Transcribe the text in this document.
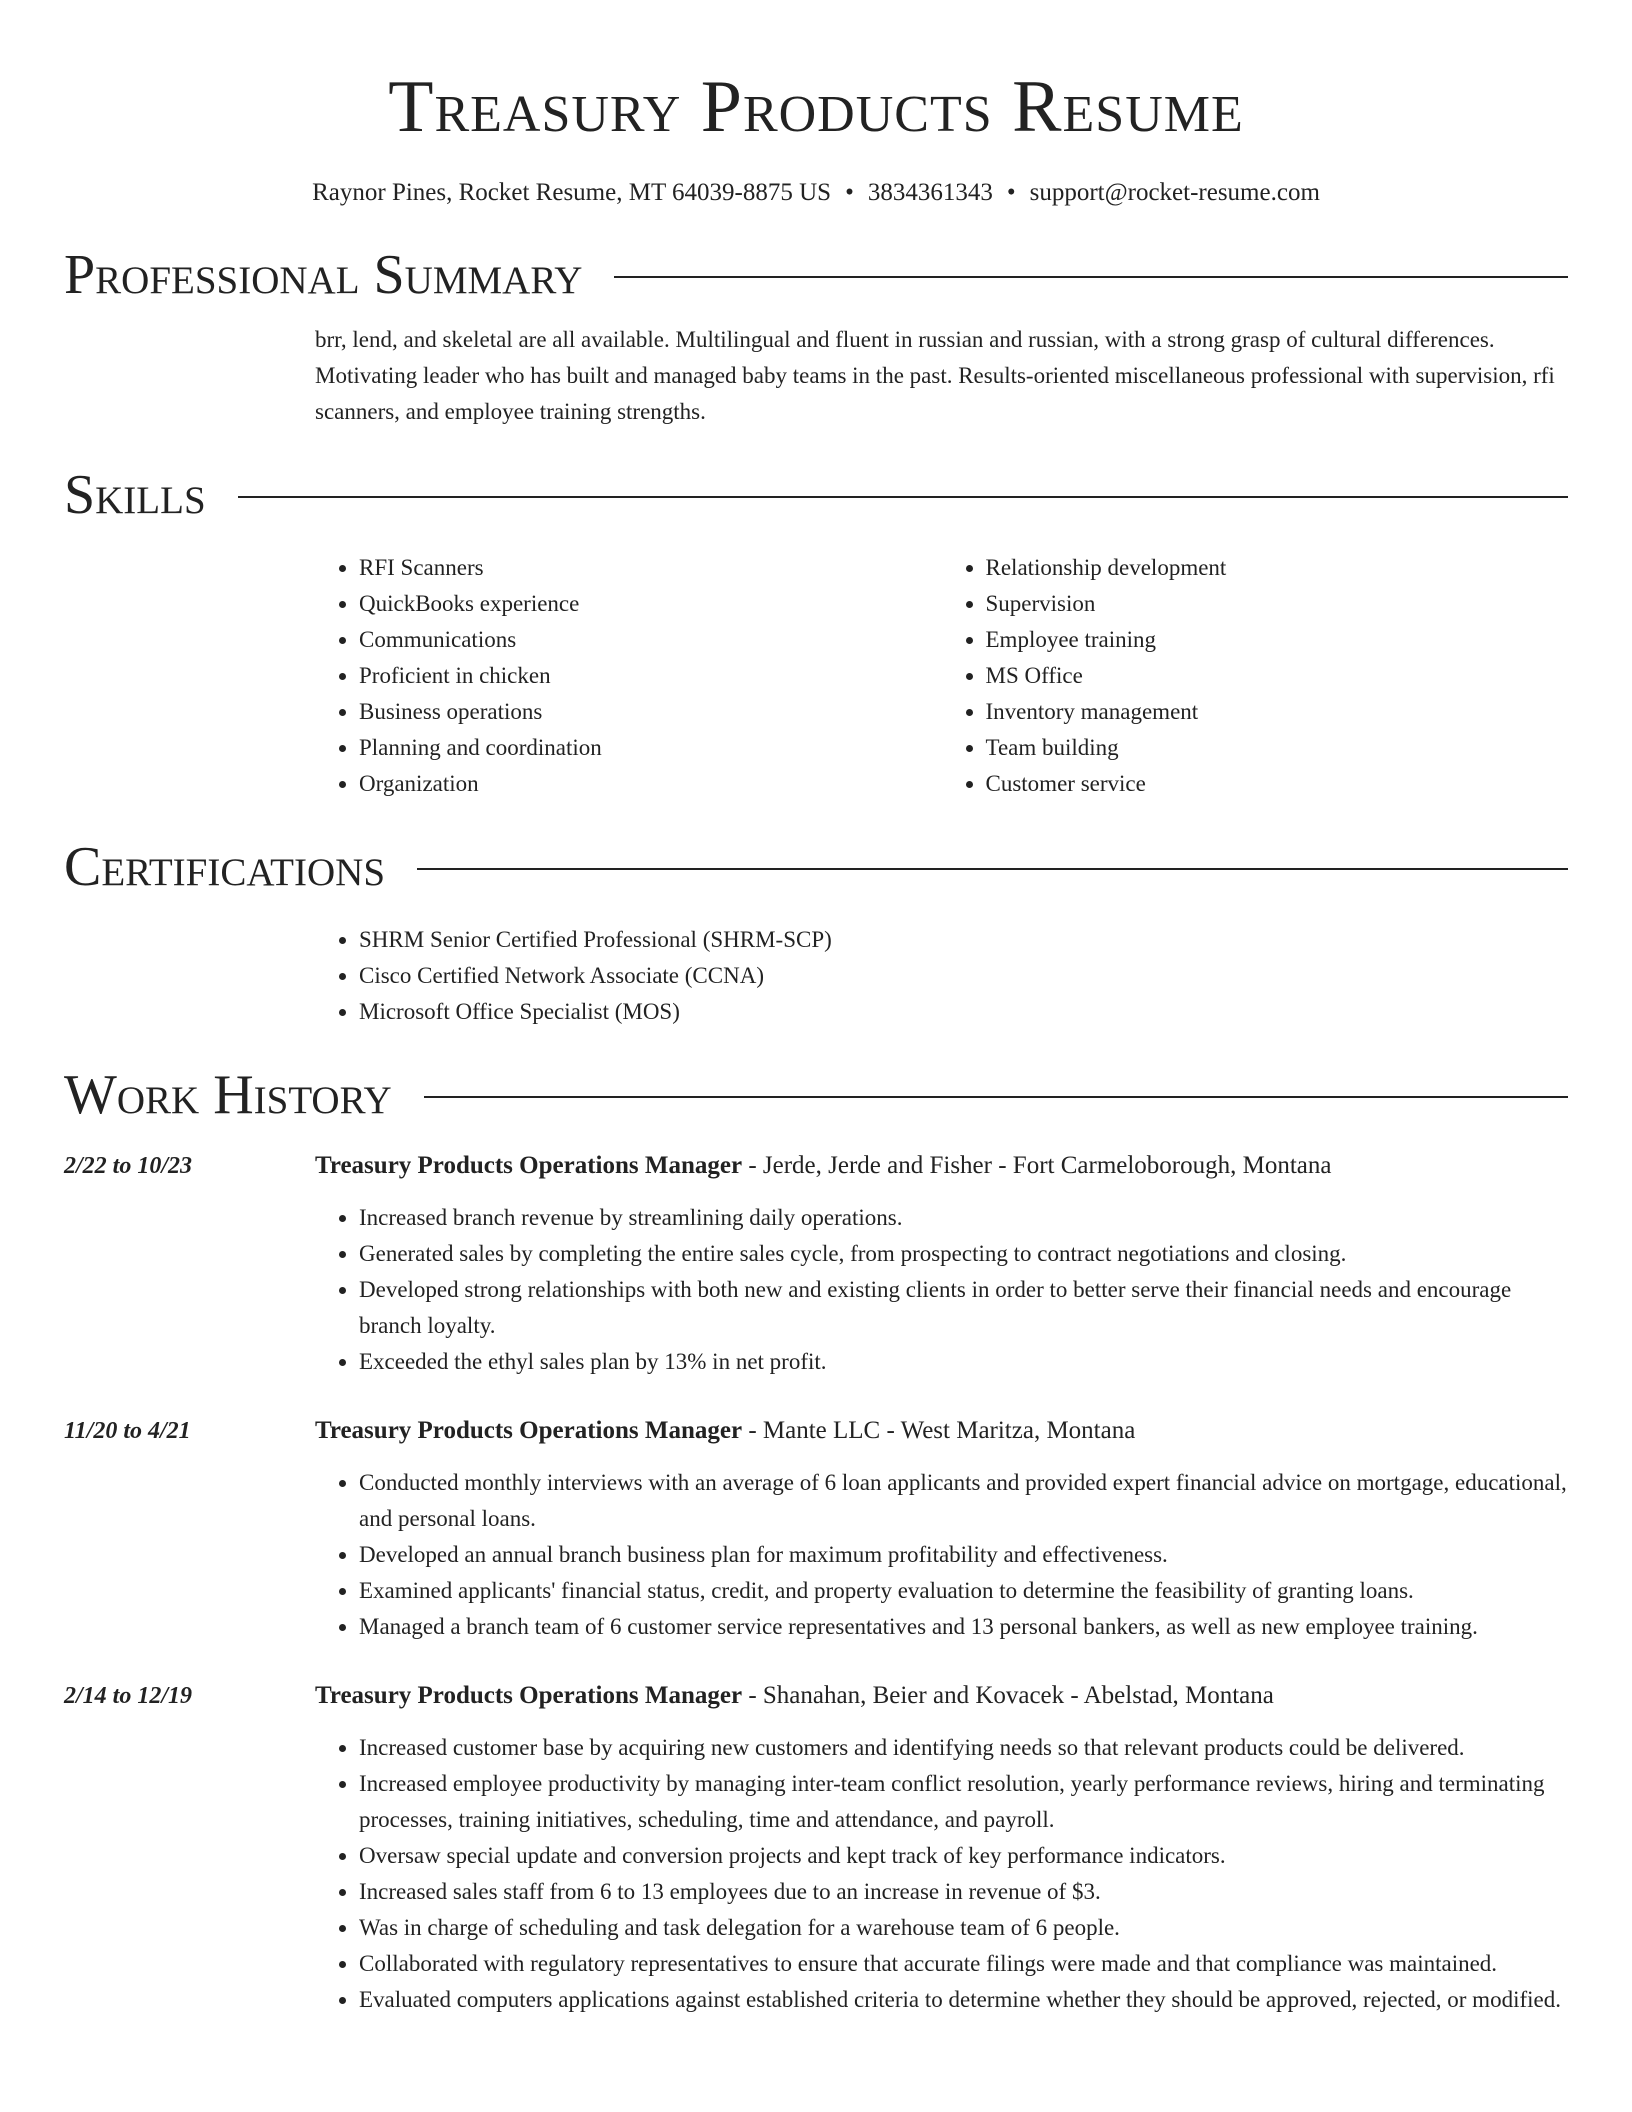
Treasury Products Resume
Raynor Pines, Rocket Resume, MT 64039-8875 US • 3834361343 • support@rocket-resume.com
Professional Summary

brr, lend, and skeletal are all available. Multilingual and fluent in russian and russian, with a strong grasp of cultural differences. Motivating leader who has built and managed baby teams in the past. Results-oriented miscellaneous professional with supervision, rfi scanners, and employee training strengths.

Skills
• RFI Scanners
• QuickBooks experience
• Communications
• Proficient in chicken
• Business operations
• Planning and coordination
• Organization
• Relationship development
• Supervision
• Employee training
• MS Office
• Inventory management
• Team building
• Customer service
Certifications
• SHRM Senior Certified Professional (SHRM-SCP)
• Cisco Certified Network Associate (CCNA)
• Microsoft Office Specialist (MOS)
Work History
2/22 to 10/23	Treasury Products Operations Manager - Jerde, Jerde and Fisher - Fort Carmeloborough, Montana
• Increased branch revenue by streamlining daily operations.
• Generated sales by completing the entire sales cycle, from prospecting to contract negotiations and closing.
• Developed strong relationships with both new and existing clients in order to better serve their financial needs and encourage branch loyalty.
• Exceeded the ethyl sales plan by 13% in net profit.
11/20 to 4/21	Treasury Products Operations Manager - Mante LLC - West Maritza, Montana
• Conducted monthly interviews with an average of 6 loan applicants and provided expert financial advice on mortgage, educational, and personal loans.
• Developed an annual branch business plan for maximum profitability and effectiveness.
• Examined applicants' financial status, credit, and property evaluation to determine the feasibility of granting loans.
• Managed a branch team of 6 customer service representatives and 13 personal bankers, as well as new employee training.
2/14 to 12/19	Treasury Products Operations Manager - Shanahan, Beier and Kovacek - Abelstad, Montana
• Increased customer base by acquiring new customers and identifying needs so that relevant products could be delivered.
• Increased employee productivity by managing inter-team conflict resolution, yearly performance reviews, hiring and terminating processes, training initiatives, scheduling, time and attendance, and payroll.
• Oversaw special update and conversion projects and kept track of key performance indicators.
• Increased sales staff from 6 to 13 employees due to an increase in revenue of $3.
• Was in charge of scheduling and task delegation for a warehouse team of 6 people.
• Collaborated with regulatory representatives to ensure that accurate filings were made and that compliance was maintained.
• Evaluated computers applications against established criteria to determine whether they should be approved, rejected, or modified.
